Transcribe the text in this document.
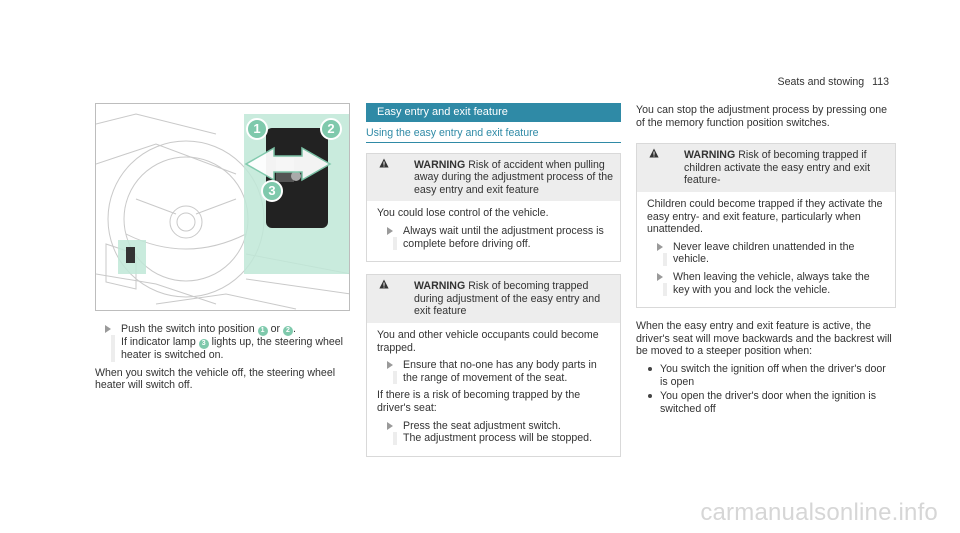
Seats and stowing 113
1	2
3
Push the switch into position 1 or 2 .
If indicator lamp 3 lights up, the steering wheel heater is switched on.
When you switch the vehicle off, the steering wheel heater will switch off.
Easy entry and exit feature
Using the easy entry and exit feature
WARNING Risk of accident when pulling away during the adjustment process of the easy entry and exit feature
You could lose control of the vehicle.
Always wait until the adjustment process is complete before driving off.
WARNING Risk of becoming trapped during adjustment of the easy entry and exit feature
You and other vehicle occupants could become trapped.
Ensure that no-one has any body parts in the range of movement of the seat.
If there is a risk of becoming trapped by the driver's seat:
Press the seat adjustment switch.
The adjustment process will be stopped.
You can stop the adjustment process by pressing one of the memory function position switches.
WARNING Risk of becoming trapped if children activate the easy entry and exit feature-
Children could become trapped if they activate the easy entry- and exit feature, particularly when unattended.
Never leave children unattended in the vehicle.
When leaving the vehicle, always take the key with you and lock the vehicle.
When the easy entry and exit feature is active, the driver's seat will move backwards and the backrest will be moved to a steeper position when:
You switch the ignition off when the driver's door is open
You open the driver's door when the ignition is switched off
carmanualsonline.info
